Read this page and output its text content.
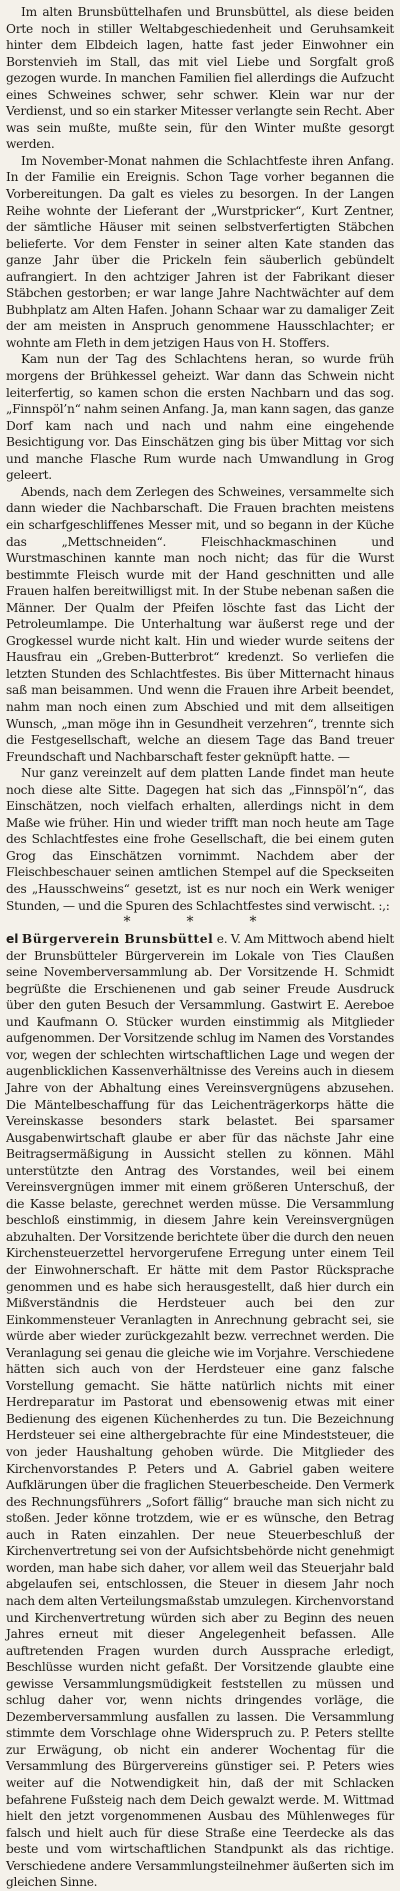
Im alten Brunsbüttelhafen und Brunsbüttel, als diese beiden Orte noch in stiller Weltabgeschiedenheit und Geruhsamkeit hinter dem Elbdeich lagen, hatte fast jeder Einwohner ein Borstenvieh im Stall, das mit viel Liebe und Sorgfalt groß gezogen wurde. In manchen Familien fiel allerdings die Aufzucht eines Schweines schwer, sehr schwer. Klein war nur der Verdienst, und so ein starker Mitesser verlangte sein Recht. Aber was sein mußte, mußte sein, für den Winter mußte gesorgt werden.

Im November-Monat nahmen die Schlachtfeste ihren Anfang. In der Familie ein Ereignis. Schon Tage vorher begannen die Vorbereitungen. Da galt es vieles zu besorgen. In der Langen Reihe wohnte der Lieferant der „Wurstpricker“, Kurt Zentner, der sämtliche Häuser mit seinen selbstverfertigten Stäbchen belieferte. Vor dem Fenster in seiner alten Kate standen das ganze Jahr über die Prickeln fein säuberlich gebündelt aufrangiert. In den achtziger Jahren ist der Fabrikant dieser Stäbchen gestorben; er war lange Jahre Nachtwächter auf dem Bubhplatz am Alten Hafen. Johann Schaar war zu damaliger Zeit der am meisten in Anspruch genommene Hausschlachter; er wohnte am Fleth in dem jetzigen Haus von H. Stoffers.

Kam nun der Tag des Schlachtens heran, so wurde früh morgens der Brühkessel geheizt. War dann das Schwein nicht leiterfertig, so kamen schon die ersten Nachbarn und das sog. „Finnspöl’n“ nahm seinen Anfang. Ja, man kann sagen, das ganze Dorf kam nach und nach und nahm eine eingehende Besichtigung vor. Das Einschätzen ging bis über Mittag vor sich und manche Flasche Rum wurde nach Umwandlung in Grog geleert.

Abends, nach dem Zerlegen des Schweines, versammelte sich dann wieder die Nachbarschaft. Die Frauen brachten meistens ein scharfgeschliffenes Messer mit, und so begann in der Küche das „Mettschneiden“. Fleischhackmaschinen und Wurstmaschinen kannte man noch nicht; das für die Wurst bestimmte Fleisch wurde mit der Hand geschnitten und alle Frauen halfen bereitwilligst mit. In der Stube nebenan saßen die Männer. Der Qualm der Pfeifen löschte fast das Licht der Petroleumlampe. Die Unterhaltung war äußerst rege und der Grogkessel wurde nicht kalt. Hin und wieder wurde seitens der Hausfrau ein „Greben-Butterbrot“ kredenzt. So verliefen die letzten Stunden des Schlachtfestes. Bis über Mitternacht hinaus saß man beisammen. Und wenn die Frauen ihre Arbeit beendet, nahm man noch einen zum Abschied und mit dem allseitigen Wunsch, „man möge ihn in Gesundheit verzehren“, trennte sich die Festgesellschaft, welche an diesem Tage das Band treuer Freundschaft und Nachbarschaft fester geknüpft hatte. —

Nur ganz vereinzelt auf dem platten Lande findet man heute noch diese alte Sitte. Dagegen hat sich das „Finnspöl’n“, das Einschätzen, noch vielfach erhalten, allerdings nicht in dem Maße wie früher. Hin und wieder trifft man noch heute am Tage des Schlachtfestes eine frohe Gesellschaft, die bei einem guten Grog das Einschätzen vornimmt. Nachdem aber der Fleischbeschauer seinen amtlichen Stempel auf die Speckseiten des „Hausschweins“ gesetzt, ist es nur noch ein Werk weniger Stunden, — und die Spuren des Schlachtfestes sind verwischt. :,:

*	*	*

el Bürgerverein Brunsbüttel e. V. Am Mittwoch abend hielt der Brunsbütteler Bürgerverein im Lokale von Ties Claußen seine Novemberversammlung ab. Der Vorsitzende H. Schmidt begrüßte die Erschienenen und gab seiner Freude Ausdruck über den guten Besuch der Versammlung. Gastwirt E. Aereboe und Kaufmann O. Stücker wurden einstimmig als Mitglieder aufgenommen. Der Vorsitzende schlug im Namen des Vorstandes vor, wegen der schlechten wirtschaftlichen Lage und wegen der augenblicklichen Kassenverhältnisse des Vereins auch in diesem Jahre von der Abhaltung eines Vereinsvergnügens abzusehen. Die Mäntelbeschaffung für das Leichenträgerkorps hätte die Vereinskasse besonders stark belastet. Bei sparsamer Ausgabenwirtschaft glaube er aber für das nächste Jahr eine Beitragsermäßigung in Aussicht stellen zu können. Mähl unterstützte den Antrag des Vorstandes, weil bei einem Vereinsvergnügen immer mit einem größeren Unterschuß, der die Kasse belaste, gerechnet werden müsse. Die Versammlung beschloß einstimmig, in diesem Jahre kein Vereinsvergnügen abzuhalten. Der Vorsitzende berichtete über die durch den neuen Kirchensteuerzettel hervorgerufene Erregung unter einem Teil der Einwohnerschaft. Er hätte mit dem Pastor Rücksprache genommen und es habe sich herausgestellt, daß hier durch ein Mißverständnis die Herdsteuer auch bei den zur Einkommensteuer Veranlagten in Anrechnung gebracht sei, sie würde aber wieder zurückgezahlt bezw. verrechnet werden. Die Veranlagung sei genau die gleiche wie im Vorjahre. Verschiedene hätten sich auch von der Herdsteuer eine ganz falsche Vorstellung gemacht. Sie hätte natürlich nichts mit einer Herdreparatur im Pastorat und ebensowenig etwas mit einer Bedienung des eigenen Küchenherdes zu tun. Die Bezeichnung Herdsteuer sei eine althergebrachte für eine Mindeststeuer, die von jeder Haushaltung gehoben würde. Die Mitglieder des Kirchenvorstandes P. Peters und A. Gabriel gaben weitere Aufklärungen über die fraglichen Steuerbescheide. Den Vermerk des Rechnungsführers „Sofort fällig“ brauche man sich nicht zu stoßen. Jeder könne trotzdem, wie er es wünsche, den Betrag auch in Raten einzahlen. Der neue Steuerbeschluß der Kirchenvertretung sei von der Aufsichtsbehörde nicht genehmigt worden, man habe sich daher, vor allem weil das Steuerjahr bald abgelaufen sei, entschlossen, die Steuer in diesem Jahr noch nach dem alten Verteilungsmaßstab umzulegen. Kirchenvorstand und Kirchenvertretung würden sich aber zu Beginn des neuen Jahres erneut mit dieser Angelegenheit befassen. Alle auftretenden Fragen wurden durch Aussprache erledigt, Beschlüsse wurden nicht gefaßt. Der Vorsitzende glaubte eine gewisse Versammlungsmüdigkeit feststellen zu müssen und schlug daher vor, wenn nichts dringendes vorläge, die Dezemberversammlung ausfallen zu lassen. Die Versammlung stimmte dem Vorschlage ohne Widerspruch zu. P. Peters stellte zur Erwägung, ob nicht ein anderer Wochentag für die Versammlung des Bürgervereins günstiger sei. P. Peters wies weiter auf die Notwendigkeit hin, daß der mit Schlacken befahrene Fußsteig nach dem Deich gewalzt werde. M. Wittmad hielt den jetzt vorgenommenen Ausbau des Mühlenweges für falsch und hielt auch für diese Straße eine Teerdecke als das beste und vom wirtschaftlichen Standpunkt als das richtige. Verschiedene andere Versammlungsteilnehmer äußerten sich im gleichen Sinne.
